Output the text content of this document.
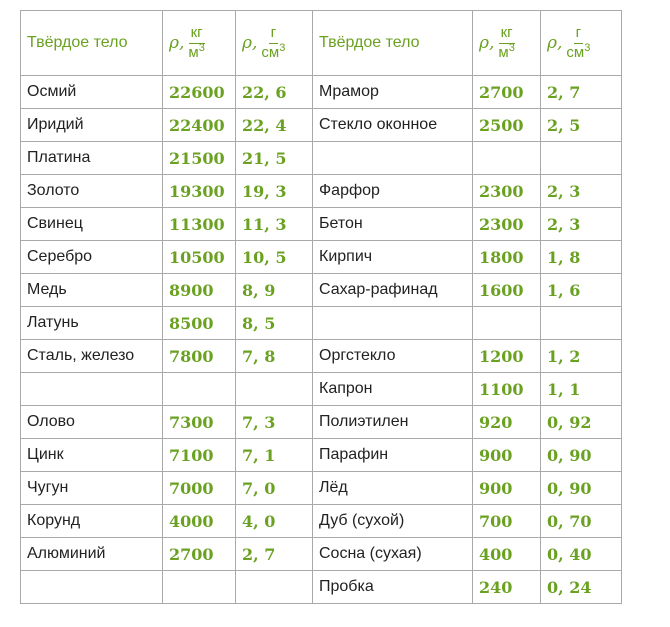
Твёрдое тело	ρ, $\frac{кг}{м^3}$	ρ, $\frac{г}{см^3}$	Твёрдое тело	ρ, $\frac{кг}{м^3}$	ρ, $\frac{г}{см^3}$

Осмий	22600	22, 6	Мрамор	2700	2, 7
Иридий	22400	22, 4	Стекло оконное	2500	2, 5
Платина	21500	21, 5			
Золото	19300	19, 3	Фарфор	2300	2, 3
Свинец	11300	11, 3	Бетон	2300	2, 3
Серебро	10500	10, 5	Кирпич	1800	1, 8
Медь	8900	8, 9	Сахар-рафинад	1600	1, 6
Латунь	8500	8, 5			
Сталь, железо	7800	7, 8	Оргстекло	1200	1, 2
			Капрон	1100	1, 1
Олово	7300	7, 3	Полиэтилен	920	0, 92
Цинк	7100	7, 1	Парафин	900	0, 90
Чугун	7000	7, 0	Лёд	900	0, 90
Корунд	4000	4, 0	Дуб (сухой)	700	0, 70
Алюминий	2700	2, 7	Сосна (сухая)	400	0, 40
			Пробка	240	0, 24
